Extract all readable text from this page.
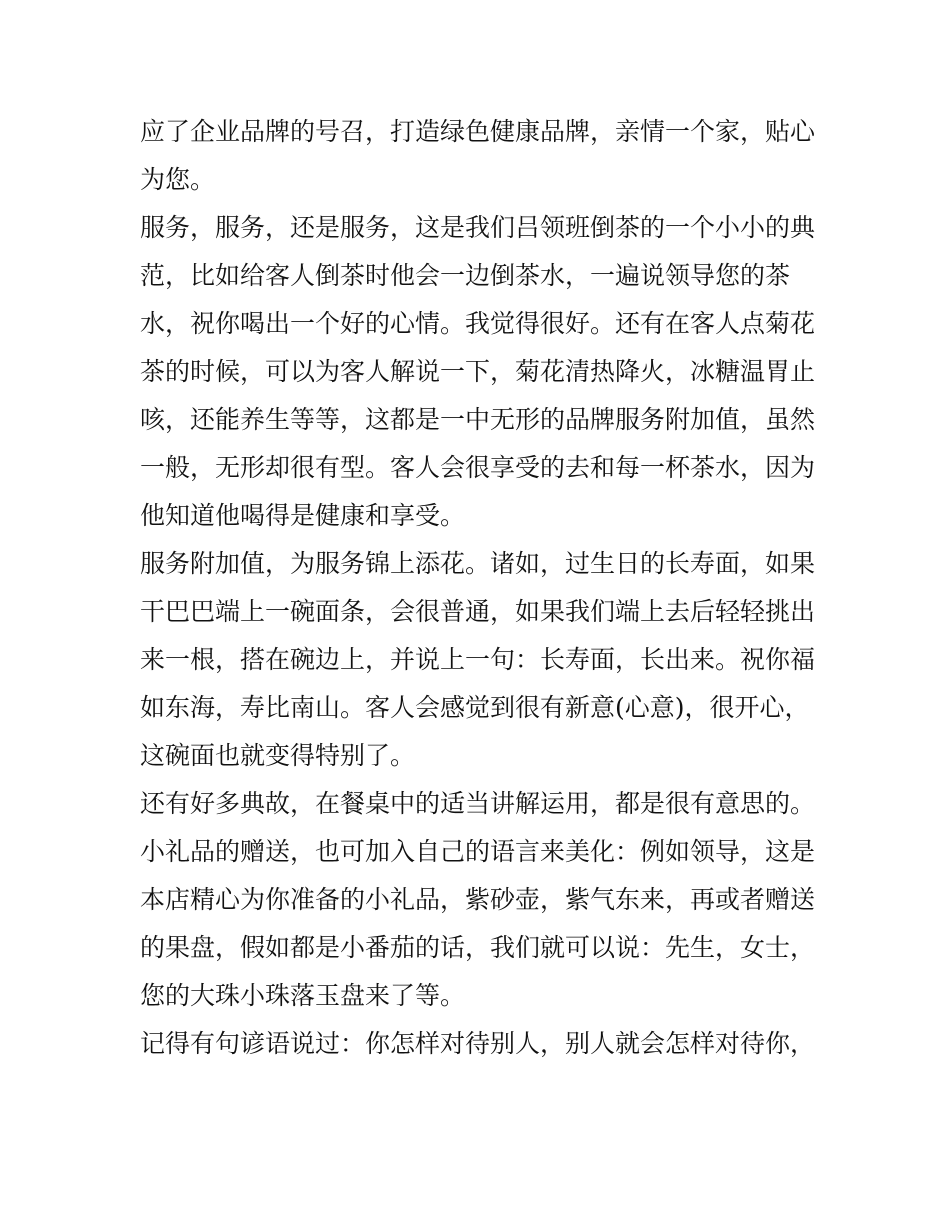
应了企业品牌的号召，打造绿色健康品牌，亲情一个家，贴心
为您。
服务，服务，还是服务，这是我们吕领班倒茶的一个小小的典
范，比如给客人倒茶时他会一边倒茶水，一遍说领导您的茶
水，祝你喝出一个好的心情。我觉得很好。还有在客人点菊花
茶的时候，可以为客人解说一下，菊花清热降火，冰糖温胃止
咳，还能养生等等，这都是一中无形的品牌服务附加值，虽然
一般，无形却很有型。客人会很享受的去和每一杯茶水，因为
他知道他喝得是健康和享受。
服务附加值，为服务锦上添花。诸如，过生日的长寿面，如果
干巴巴端上一碗面条，会很普通，如果我们端上去后轻轻挑出
来一根，搭在碗边上，并说上一句：长寿面，长出来。祝你福
如东海，寿比南山。客人会感觉到很有新意(心意)，很开心，
这碗面也就变得特别了。
还有好多典故，在餐桌中的适当讲解运用，都是很有意思的。
小礼品的赠送，也可加入自己的语言来美化：例如领导，这是
本店精心为你准备的小礼品，紫砂壶，紫气东来，再或者赠送
的果盘，假如都是小番茄的话，我们就可以说：先生，女士，
您的大珠小珠落玉盘来了等。
记得有句谚语说过：你怎样对待别人，别人就会怎样对待你，
